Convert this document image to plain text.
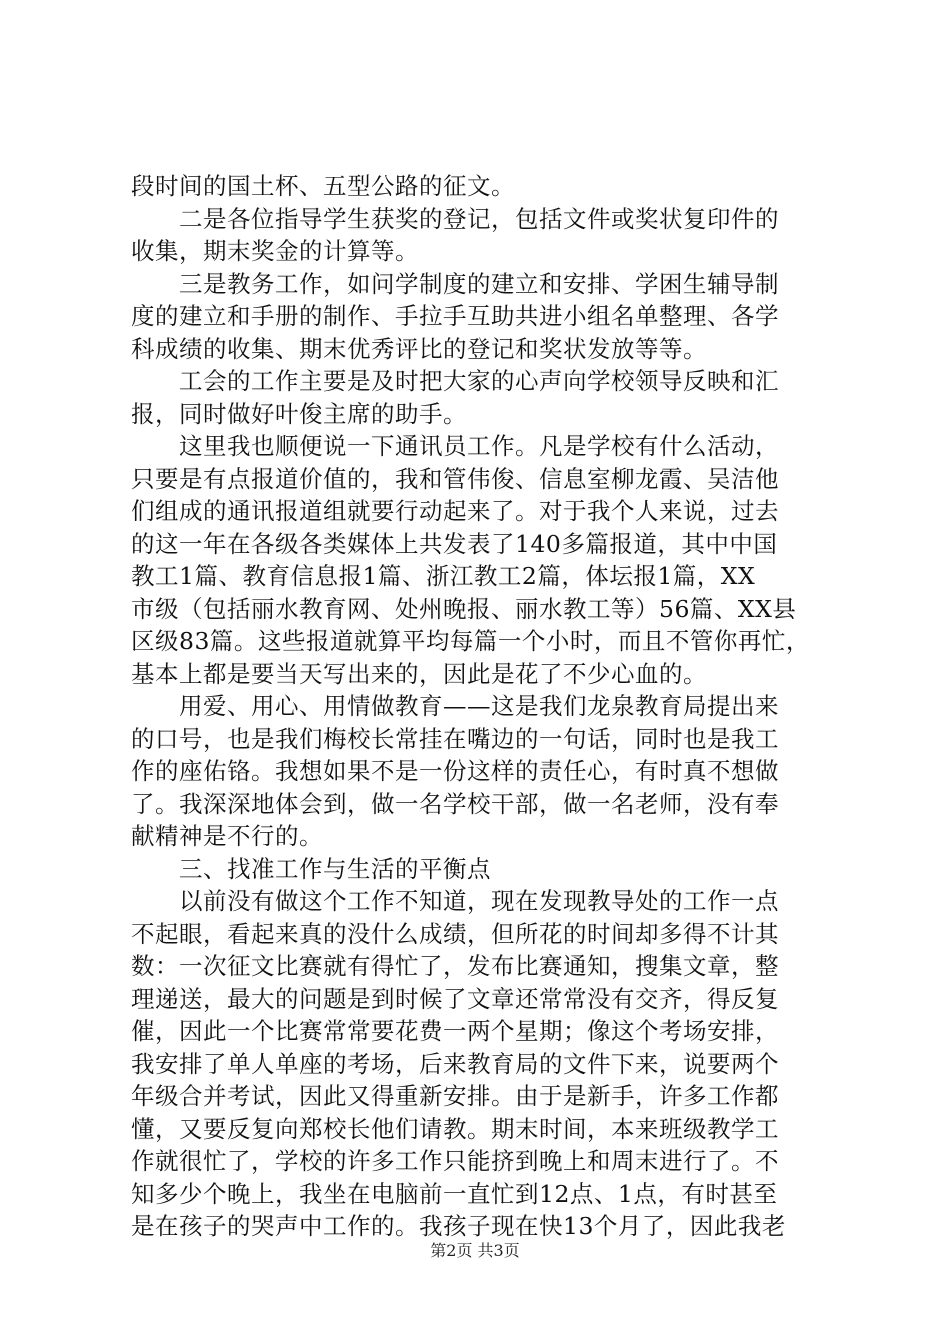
段时间的国土杯、五型公路的征文。
　　二是各位指导学生获奖的登记，包括文件或奖状复印件的
收集，期末奖金的计算等。
　　三是教务工作，如问学制度的建立和安排、学困生辅导制
度的建立和手册的制作、手拉手互助共进小组名单整理、各学
科成绩的收集、期末优秀评比的登记和奖状发放等等。
　　工会的工作主要是及时把大家的心声向学校领导反映和汇
报，同时做好叶俊主席的助手。
　　这里我也顺便说一下通讯员工作。凡是学校有什么活动，
只要是有点报道价值的，我和管伟俊、信息室柳龙霞、吴洁他
们组成的通讯报道组就要行动起来了。对于我个人来说，过去
的这一年在各级各类媒体上共发表了140多篇报道，其中中国
教工1篇、教育信息报1篇、浙江教工2篇，体坛报1篇，XX
市级（包括丽水教育网、处州晚报、丽水教工等）56篇、XX县
区级83篇。这些报道就算平均每篇一个小时，而且不管你再忙，
基本上都是要当天写出来的，因此是花了不少心血的。
　　用爱、用心、用情做教育——这是我们龙泉教育局提出来
的口号，也是我们梅校长常挂在嘴边的一句话，同时也是我工
作的座佑铬。我想如果不是一份这样的责任心，有时真不想做
了。我深深地体会到，做一名学校干部，做一名老师，没有奉
献精神是不行的。
　　三、找准工作与生活的平衡点
　　以前没有做这个工作不知道，现在发现教导处的工作一点
不起眼，看起来真的没什么成绩，但所花的时间却多得不计其
数：一次征文比赛就有得忙了，发布比赛通知，搜集文章，整
理递送，最大的问题是到时候了文章还常常没有交齐，得反复
催，因此一个比赛常常要花费一两个星期；像这个考场安排，
我安排了单人单座的考场，后来教育局的文件下来，说要两个
年级合并考试，因此又得重新安排。由于是新手，许多工作都
懂，又要反复向郑校长他们请教。期末时间，本来班级教学工
作就很忙了，学校的许多工作只能挤到晚上和周末进行了。不
知多少个晚上，我坐在电脑前一直忙到12点、1点，有时甚至
是在孩子的哭声中工作的。我孩子现在快13个月了，因此我老
第2页 共3页
